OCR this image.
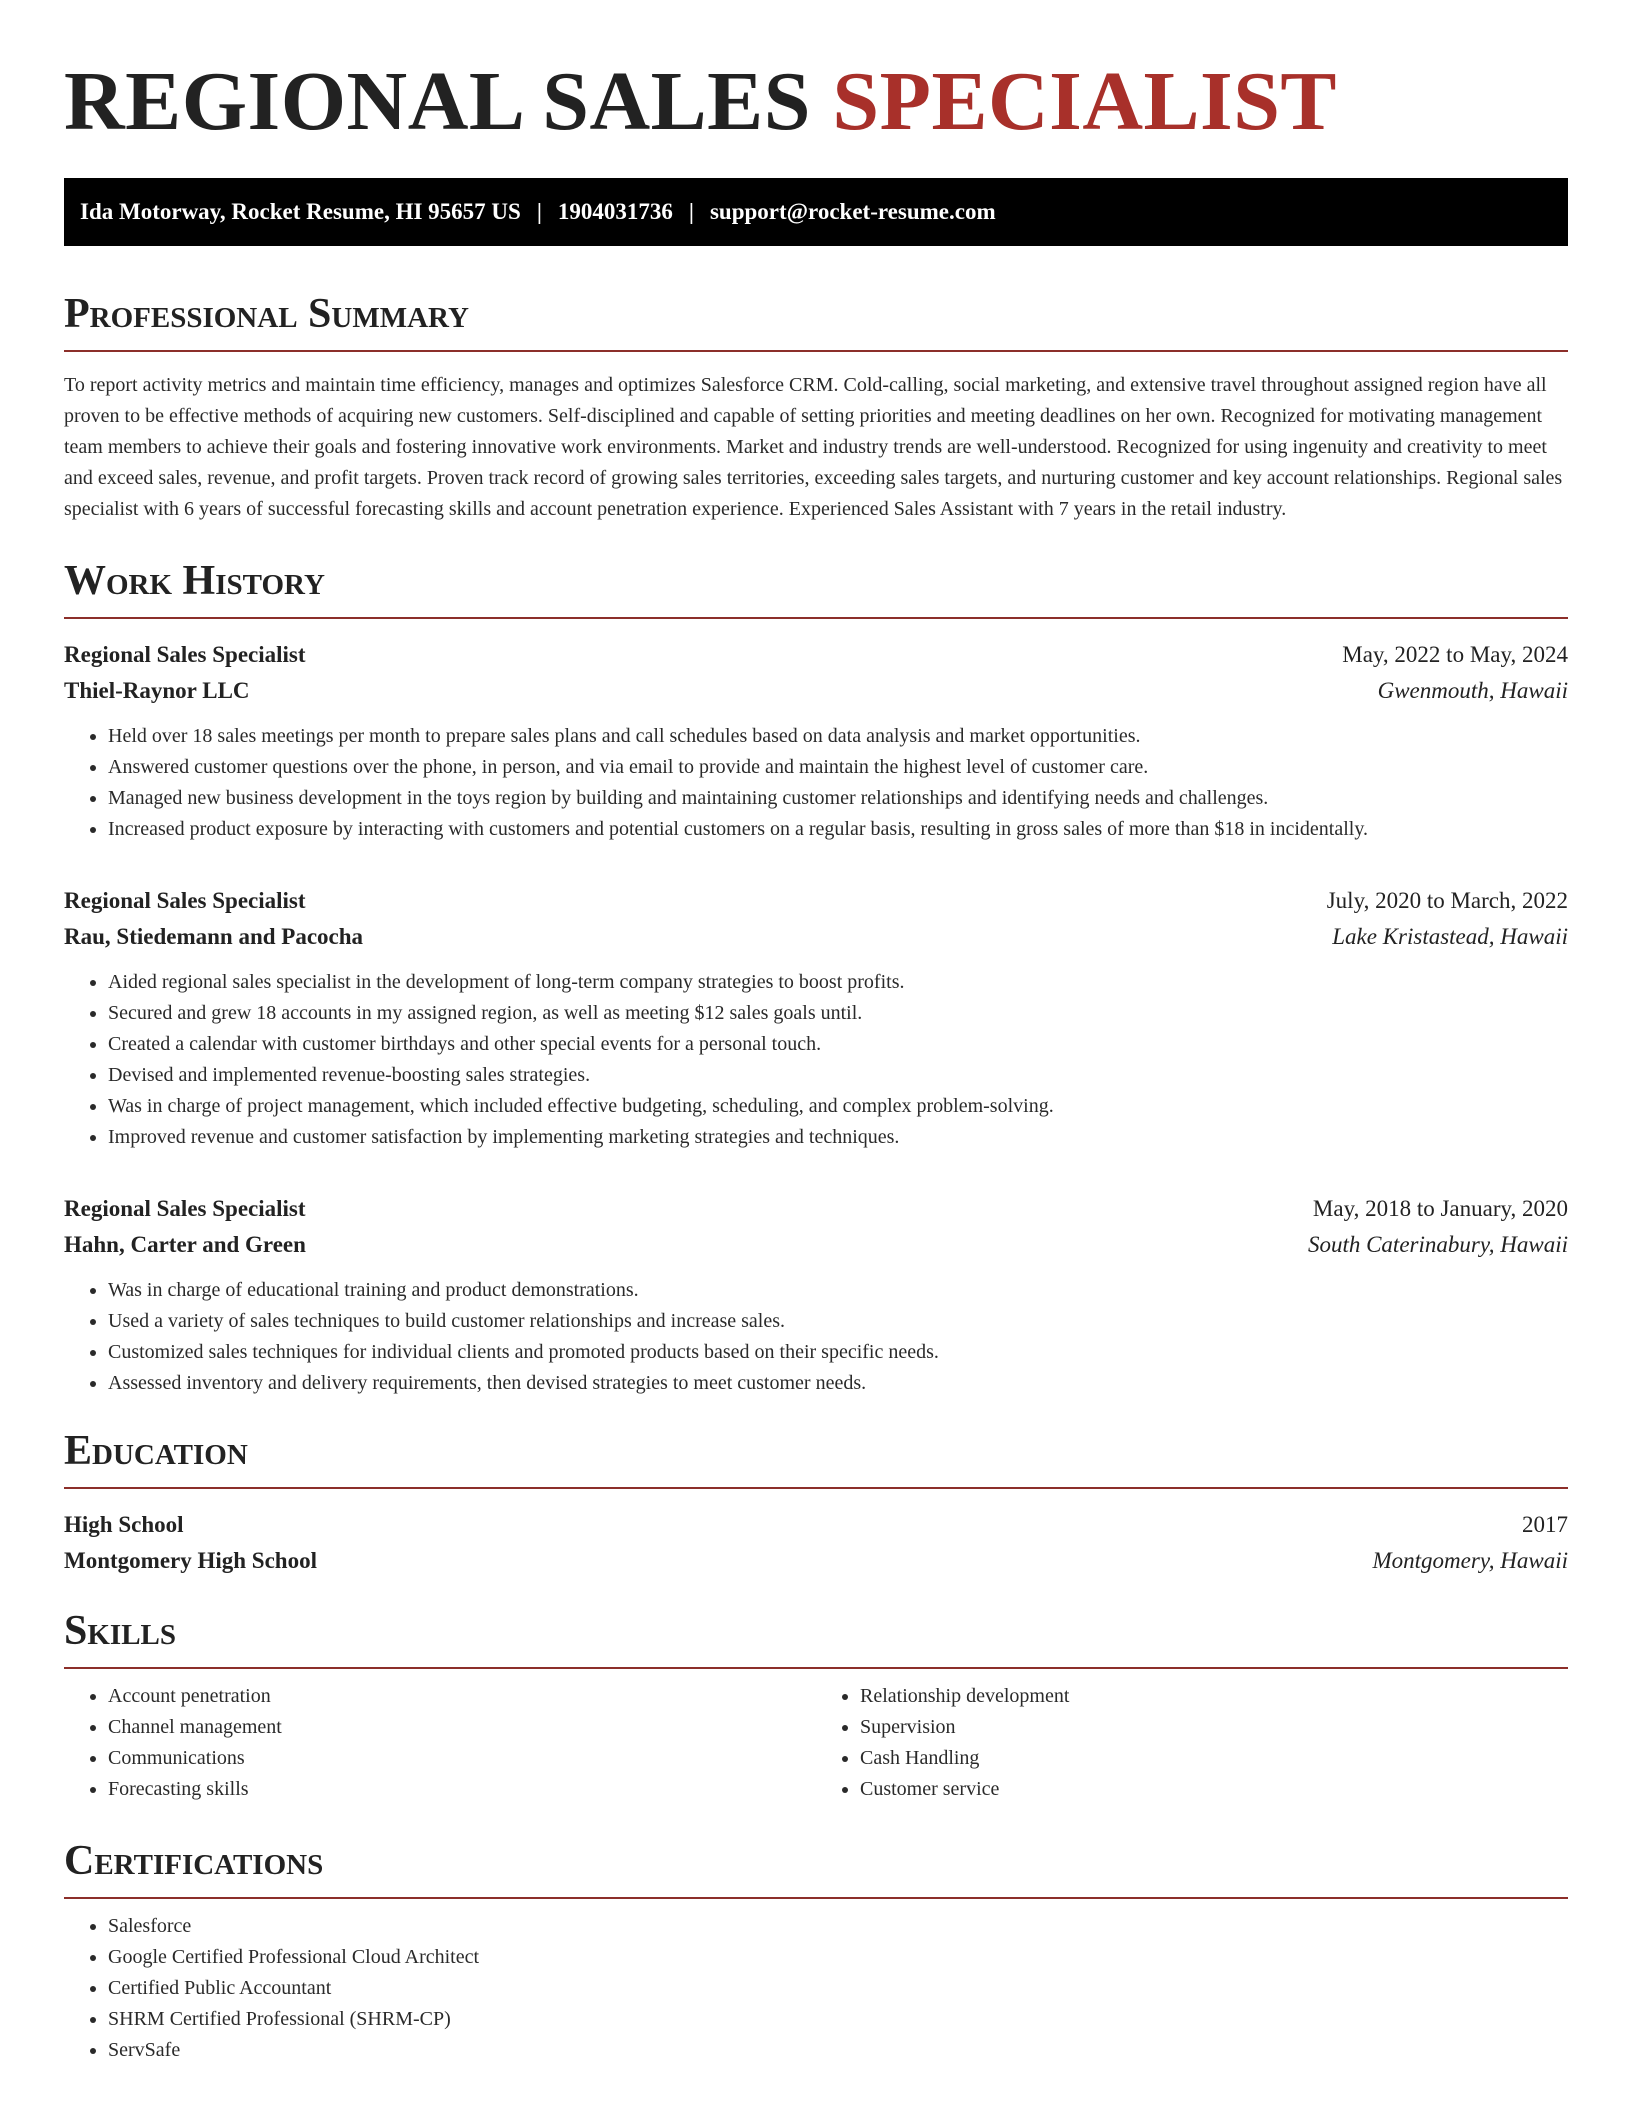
REGIONAL SALES SPECIALIST
Ida Motorway, Rocket Resume, HI 95657 US | 1904031736 | support@rocket-resume.com
Professional Summary

To report activity metrics and maintain time efficiency, manages and optimizes Salesforce CRM. Cold-calling, social marketing, and extensive travel throughout assigned region have all proven to be effective methods of acquiring new customers. Self-disciplined and capable of setting priorities and meeting deadlines on her own. Recognized for motivating management team members to achieve their goals and fostering innovative work environments. Market and industry trends are well-understood. Recognized for using ingenuity and creativity to meet and exceed sales, revenue, and profit targets. Proven track record of growing sales territories, exceeding sales targets, and nurturing customer and key account relationships. Regional sales specialist with 6 years of successful forecasting skills and account penetration experience. Experienced Sales Assistant with 7 years in the retail industry.

Work History
Regional Sales Specialist	May, 2022 to May, 2024
Thiel-Raynor LLC	Gwenmouth, Hawaii
• Held over 18 sales meetings per month to prepare sales plans and call schedules based on data analysis and market opportunities.
• Answered customer questions over the phone, in person, and via email to provide and maintain the highest level of customer care.
• Managed new business development in the toys region by building and maintaining customer relationships and identifying needs and challenges.
• Increased product exposure by interacting with customers and potential customers on a regular basis, resulting in gross sales of more than $18 in incidentally.
Regional Sales Specialist	July, 2020 to March, 2022
Rau, Stiedemann and Pacocha	Lake Kristastead, Hawaii
• Aided regional sales specialist in the development of long-term company strategies to boost profits.
• Secured and grew 18 accounts in my assigned region, as well as meeting $12 sales goals until.
• Created a calendar with customer birthdays and other special events for a personal touch.
• Devised and implemented revenue-boosting sales strategies.
• Was in charge of project management, which included effective budgeting, scheduling, and complex problem-solving.
• Improved revenue and customer satisfaction by implementing marketing strategies and techniques.
Regional Sales Specialist	May, 2018 to January, 2020
Hahn, Carter and Green	South Caterinabury, Hawaii
• Was in charge of educational training and product demonstrations.
• Used a variety of sales techniques to build customer relationships and increase sales.
• Customized sales techniques for individual clients and promoted products based on their specific needs.
• Assessed inventory and delivery requirements, then devised strategies to meet customer needs.
Education
High School	2017
Montgomery High School	Montgomery, Hawaii
Skills
• Account penetration
• Channel management
• Communications
• Forecasting skills
• Relationship development
• Supervision
• Cash Handling
• Customer service
Certifications
• Salesforce
• Google Certified Professional Cloud Architect
• Certified Public Accountant
• SHRM Certified Professional (SHRM-CP)
• ServSafe
